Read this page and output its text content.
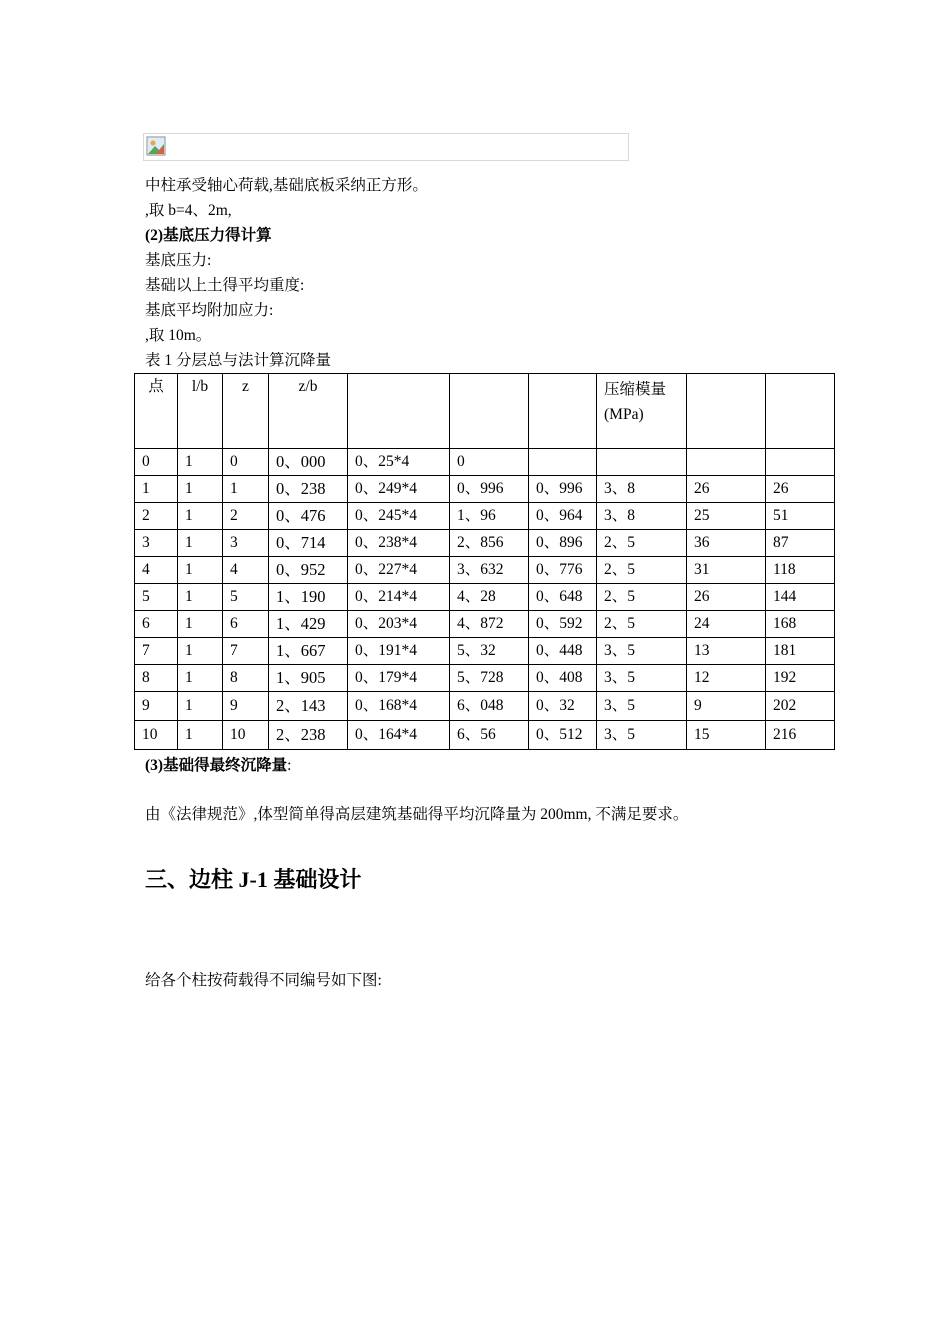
中柱承受轴心荷载,基础底板采纳正方形。
,取 b=4、2m,
(2)基底压力得计算
基底压力:
基础以上土得平均重度:
基底平均附加应力:
,取 10m。
表 1 分层总与法计算沉降量
点	l/b	z	z/b				压缩模量(MPa)		
0	1	0	0、000	0、25*4	0				
1	1	1	0、238	0、249*4	0、996	0、996	3、8	26	26
2	1	2	0、476	0、245*4	1、96	0、964	3、8	25	51
3	1	3	0、714	0、238*4	2、856	0、896	2、5	36	87
4	1	4	0、952	0、227*4	3、632	0、776	2、5	31	118
5	1	5	1、190	0、214*4	4、28	0、648	2、5	26	144
6	1	6	1、429	0、203*4	4、872	0、592	2、5	24	168
7	1	7	1、667	0、191*4	5、32	0、448	3、5	13	181
8	1	8	1、905	0、179*4	5、728	0、408	3、5	12	192
9	1	9	2、143	0、168*4	6、048	0、32	3、5	9	202
10	1	10	2、238	0、164*4	6、56	0、512	3、5	15	216
(3)基础得最终沉降量:
由《法律规范》,体型简单得高层建筑基础得平均沉降量为 200mm, 不满足要求。
三、边柱 J-1 基础设计
给各个柱按荷载得不同编号如下图:
